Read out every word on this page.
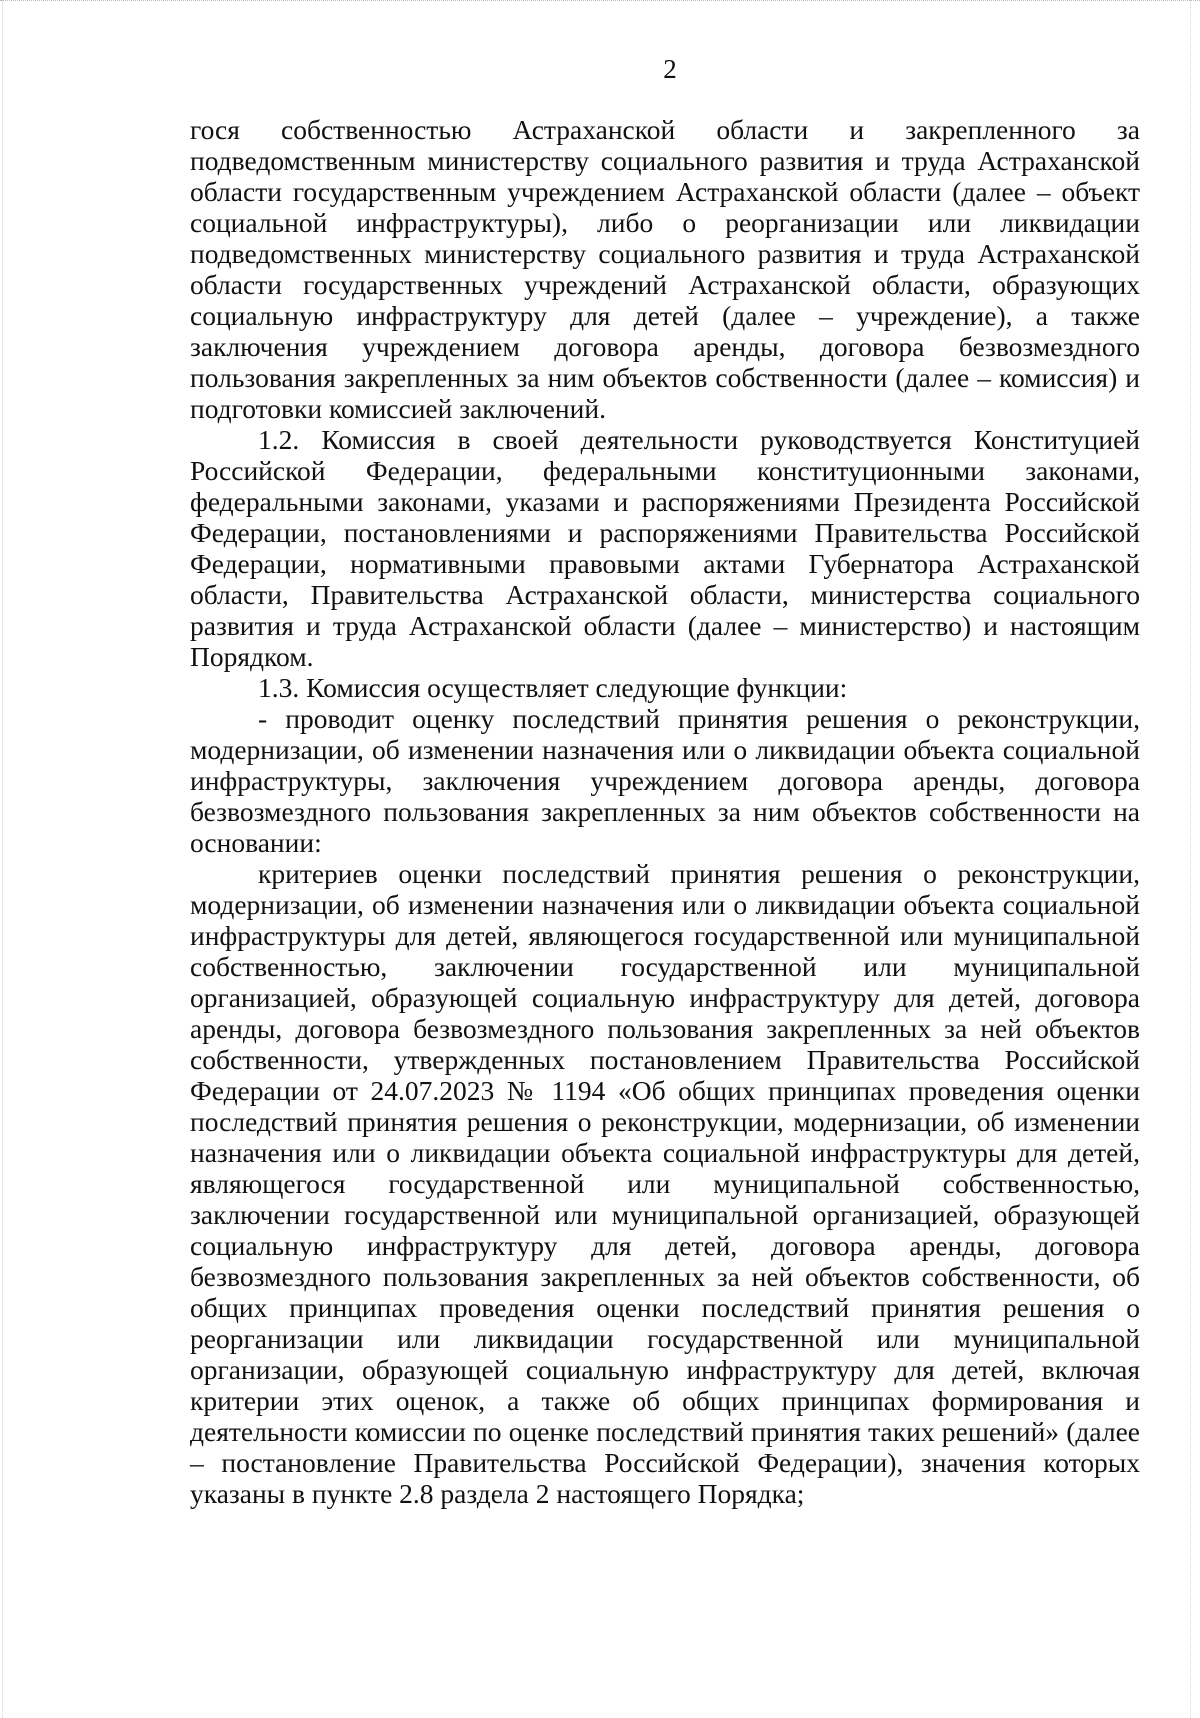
2

гося собственностью Астраханской области и закрепленного за подведомственным министерству социального развития и труда Астраханской области государственным учреждением Астраханской области (далее – объект социальной инфраструктуры), либо о реорганизации или ликвидации подведомственных министерству социального развития и труда Астраханской области государственных учреждений Астраханской области, образующих социальную инфраструктуру для детей (далее – учреждение), а также заключения учреждением договора аренды, договора безвозмездного пользования закрепленных за ним объектов собственности (далее – комиссия) и подготовки комиссией заключений.

1.2. Комиссия в своей деятельности руководствуется Конституцией Российской Федерации, федеральными конституционными законами, федеральными законами, указами и распоряжениями Президента Российской Федерации, постановлениями и распоряжениями Правительства Российской Федерации, нормативными правовыми актами Губернатора Астраханской области, Правительства Астраханской области, министерства социального развития и труда Астраханской области (далее – министерство) и настоящим Порядком.

1.3. Комиссия осуществляет следующие функции:

- проводит оценку последствий принятия решения о реконструкции, модернизации, об изменении назначения или о ликвидации объекта социальной инфраструктуры, заключения учреждением договора аренды, договора безвозмездного пользования закрепленных за ним объектов собственности на основании:

критериев оценки последствий принятия решения о реконструкции, модернизации, об изменении назначения или о ликвидации объекта социальной инфраструктуры для детей, являющегося государственной или муниципальной собственностью, заключении государственной или муниципальной организацией, образующей социальную инфраструктуру для детей, договора аренды, договора безвозмездного пользования закрепленных за ней объектов собственности, утвержденных постановлением Правительства Российской Федерации от 24.07.2023 № 1194 «Об общих принципах проведения оценки последствий принятия решения о реконструкции, модернизации, об изменении назначения или о ликвидации объекта социальной инфраструктуры для детей, являющегося государственной или муниципальной собственностью, заключении государственной или муниципальной организацией, образующей социальную инфраструктуру для детей, договора аренды, договора безвозмездного пользования закрепленных за ней объектов собственности, об общих принципах проведения оценки последствий принятия решения о реорганизации или ликвидации государственной или муниципальной организации, образующей социальную инфраструктуру для детей, включая критерии этих оценок, а также об общих принципах формирования и деятельности комиссии по оценке последствий принятия таких решений» (далее – постановление Правительства Российской Федерации), значения которых указаны в пункте 2.8 раздела 2 настоящего Порядка;
